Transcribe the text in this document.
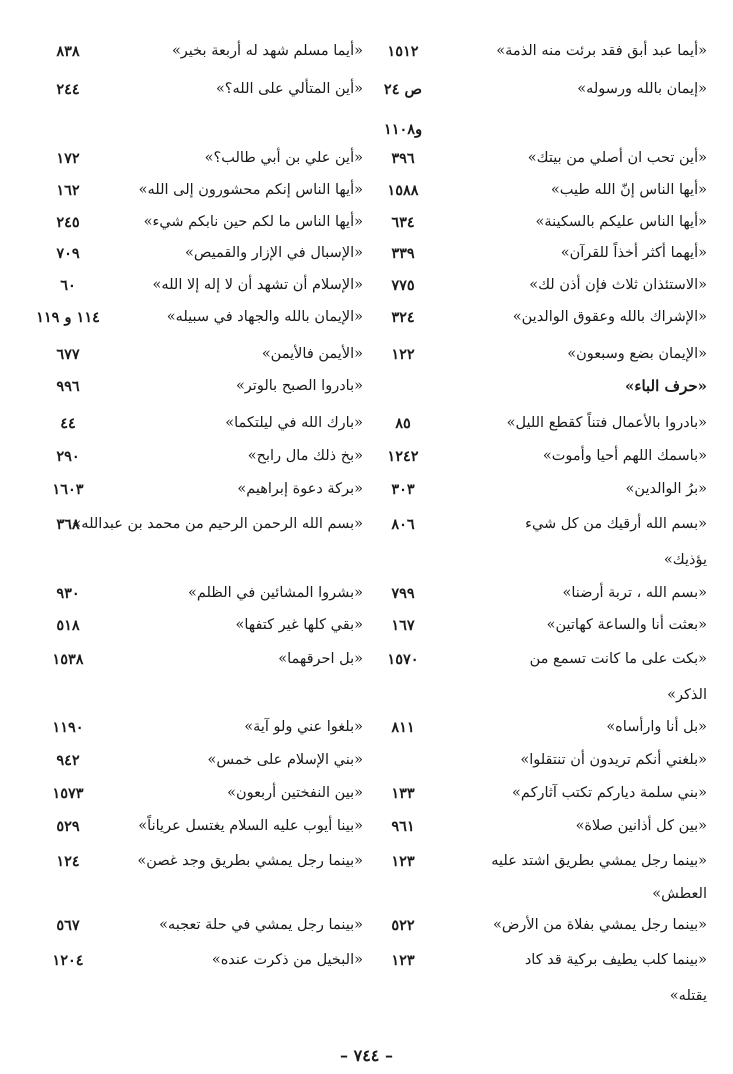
«أيما عبد أبق فقد برئت منه الذمة»
١٥١٢
«أيما مسلم شهد له أربعة بخير»
٨٣٨
«إيمان بالله ورسوله»
ص ٢٤
«أين المتألي على الله؟»
٢٤٤
و١١٠٨
«أين تحب ان أصلي من بيتك»
٣٩٦
«أين علي بن أبي طالب؟»
١٧٢
«أيها الناس إنّ الله طيب»
١٥٨٨
«أيها الناس إنكم محشورون إلى الله»
١٦٢
«أيها الناس عليكم بالسكينة»
٦٣٤
«أيها الناس ما لكم حين نابكم شيء»
٢٤٥
«أيهما أكثر أخذاً للقرآن»
٣٣٩
«الإسبال في الإزار والقميص»
٧٠٩
«الاستئذان ثلاث فإن أذن لك»
٧٧٥
«الإسلام أن تشهد أن لا إله إلا الله»
٦٠
«الإشراك بالله وعقوق الوالدين»
٣٢٤
«الإيمان بالله والجهاد في سبيله»
١١٤ و ١١٩
«الإيمان بضع وسبعون»
١٢٢
«الأيمن فالأيمن»
٦٧٧
«حرف الباء»
«بادروا الصبح بالوتر»
٩٩٦
«بادروا بالأعمال فتناً كقطع الليل»
٨٥
«بارك الله في ليلتكما»
٤٤
«باسمك اللهم أحيا وأموت»
١٢٤٢
«بخ ذلك مال رابح»
٢٩٠
«برُ الوالدين»
٣٠٣
«بركة دعوة إبراهيم»
١٦٠٣
«بسم الله أرقيك من كل شيء
٨٠٦
«بسم الله الرحمن الرحيم من محمد بن عبدالله»
٣٦٨
يؤذيك»
«بسم الله ، تربة أرضنا»
٧٩٩
«بشروا المشائين في الظلم»
٩٣٠
«بعثت أنا والساعة كهاتين»
١٦٧
«بقي كلها غير كتفها»
٥١٨
«بكت على ما كانت تسمع من
١٥٧٠
«بل احرقهما»
١٥٣٨
الذكر»
«بل أنا وارأساه»
٨١١
«بلغوا عني ولو آية»
١١٩٠
«بلغني أنكم تريدون أن تنتقلوا»
«بني الإسلام على خمس»
٩٤٢
«بني سلمة دياركم تكتب آثاركم»
١٣٣
«بين النفختين أربعون»
١٥٧٣
«بين كل أذانين صلاة»
٩٦١
«بينا أيوب عليه السلام يغتسل عرياناً»
٥٢٩
«بينما رجل يمشي بطريق اشتد عليه
١٢٣
«بينما رجل يمشي بطريق وجد غصن»
١٢٤
العطش»
«بينما رجل يمشي بفلاة من الأرض»
٥٢٢
«بينما رجل يمشي في حلة تعجبه»
٥٦٧
«بينما كلب يطيف بركية قد كاد
١٢٣
«البخيل من ذكرت عنده»
١٢٠٤
يقتله»
– ٧٤٤ –
